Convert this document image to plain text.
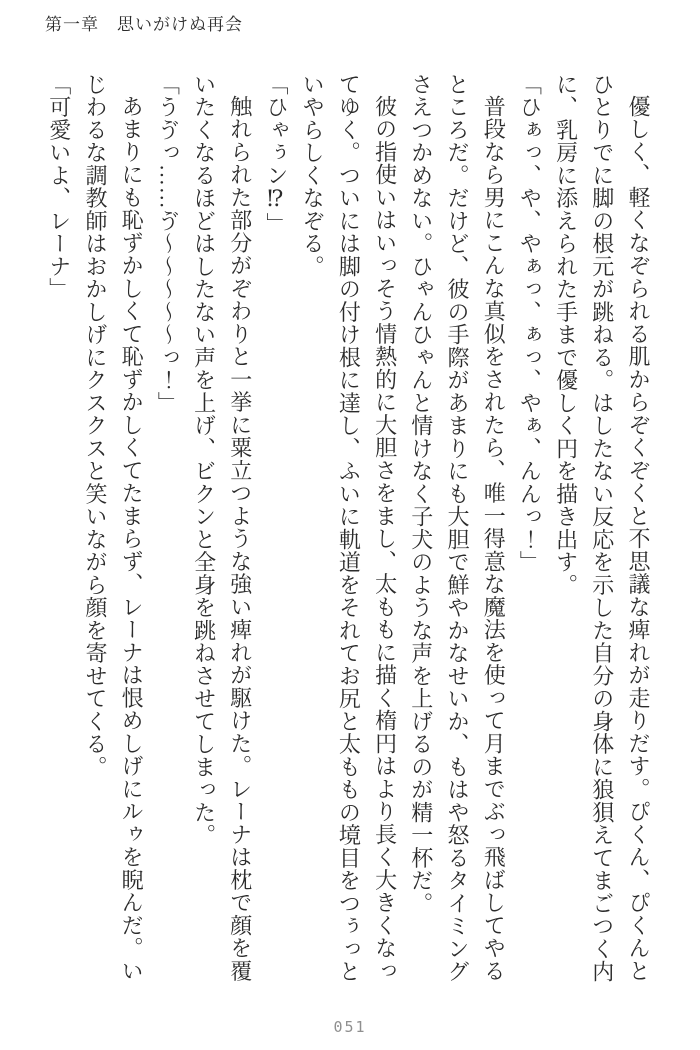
第一章　思いがけぬ再会

優しく、軽くなぞられる肌からぞくぞくと不思議な痺れが走りだす。ぴくん、ぴくんとひとりでに脚の根元が跳ねる。はしたない反応を示した自分の身体に狼狽えてまごつく内に、乳房に添えられた手まで優しく円を描き出す。

「ひぁっ、や、やぁっ、ぁっ、やぁ、んんっ！」

普段なら男にこんな真似をされたら、唯一得意な魔法を使って月までぶっ飛ばしてやるところだ。だけど、彼の手際があまりにも大胆で鮮やかなせいか、もはや怒るタイミングさえつかめない。ひゃんひゃんと情けなく子犬のような声を上げるのが精一杯だ。

彼の指使いはいっそう情熱的に大胆さをまし、太ももに描く楕円はより長く大きくなってゆく。ついには脚の付け根に達し、ふいに軌道をそれてお尻と太ももの境目をつぅっといやらしくなぞる。

「ひゃぅン⁉」

触れられた部分がぞわりと一挙に粟立つような強い痺れが駆けた。レーナは枕で顔を覆いたくなるほどはしたない声を上げ、ビクンと全身を跳ねさせてしまった。

「うゔっ……ゔ～～～～～っ！」

あまりにも恥ずかしくて恥ずかしくてたまらず、レーナは恨めしげにルゥを睨んだ。いじわるな調教師はおかしげにクスクスと笑いながら顔を寄せてくる。

「可愛いよ、レーナ」

051
